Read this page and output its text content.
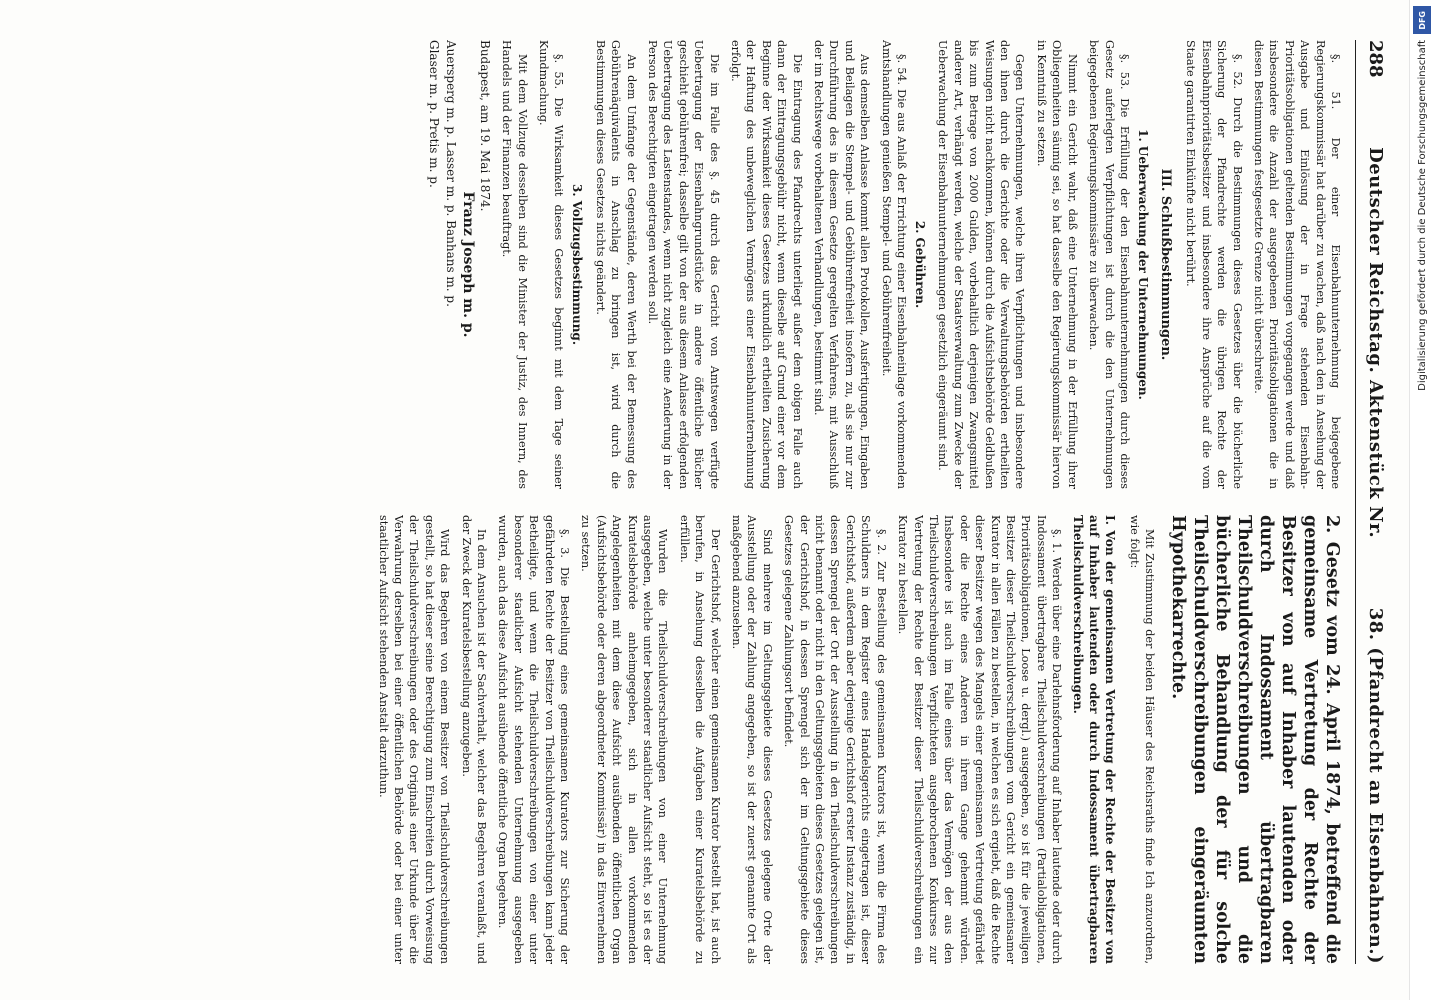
288
Deutscher Reichstag. Aktenstück Nr.
38. (Pfandrecht an Eisenbahnen.)

§. 51. Der einer Eisenbahnunternehmung beigegebene Regierungskommissär hat darüber zu wachen, daß nach den in Ansehung der Ausgabe und Einlösung der in Frage stehenden Eisenbahn-Prioritätsobligationen geltenden Bestimmungen vorgegangen werde und daß insbesondere die Anzahl der ausgegebenen Prioritätsobligationen die in diesen Bestimmungen festgesetzte Grenze nicht überschreite.

§. 52. Durch die Bestimmungen dieses Gesetzes über die bücherliche Sicherung der Pfandrechte werden die übrigen Rechte der Eisenbahnprioritätsbesitzer und insbesondere ihre Ansprüche auf die vom Staate garantirten Einkünfte nicht berührt.

III. Schlußbestimmungen.
1. Ueberwachung der Unternehmungen.

§. 53. Die Erfüllung der den Eisenbahnunternehmungen durch dieses Gesetz auferlegten Verpflichtungen ist durch die den Unternehmungen beigegebenen Regierungskommissäre zu überwachen.

Nimmt ein Gericht wahr, daß eine Unternehmung in der Erfüllung ihrer Obliegenheiten säumig sei, so hat dasselbe den Regierungskommissär hiervon in Kenntniß zu setzen.

Gegen Unternehmungen, welche ihren Verpflichtungen und insbesondere den ihnen durch die Gerichte oder die Verwaltungsbehörden ertheilten Weisungen nicht nachkommen, können durch die Aufsichtsbehörde Geldbußen bis zum Betrage von 2000 Gulden, vorbehaltlich derjenigen Zwangsmittel anderer Art, verhängt werden, welche der Staatsverwaltung zum Zwecke der Ueberwachung der Eisenbahnunternehmungen gesetzlich eingeräumt sind.

2. Gebühren.

§. 54. Die aus Anlaß der Errichtung einer Eisenbahneinlage vorkommenden Amtshandlungen genießen Stempel- und Gebührenfreiheit.

Aus demselben Anlasse kommt allen Protokollen, Ausfertigungen, Eingaben und Beilagen die Stempel- und Gebührenfreiheit insofern zu, als sie nur zur Durchführung des in diesem Gesetze geregelten Verfahrens, mit Ausschluß der im Rechtswege vorbehaltenen Verhandlungen, bestimmt sind.

Die Eintragung des Pfandrechts unterliegt außer dem obigen Falle auch dann der Eintragungsgebühr nicht, wenn dieselbe auf Grund einer vor dem Beginne der Wirksamkeit dieses Gesetzes urkundlich ertheilten Zusicherung der Haftung des unbeweglichen Vermögens einer Eisenbahnunternehmung erfolgt.

Die im Falle des §. 45 durch das Gericht von Amtswegen verfügte Uebertragung der Eisenbahngrundstücke in andere öffentliche Bücher geschieht gebührenfrei; dasselbe gilt von der aus diesem Anlasse erfolgenden Uebertragung des Lastenstandes, wenn nicht zugleich eine Aenderung in der Person des Berechtigten eingetragen werden soll.

An dem Umfange der Gegenstände, deren Werth bei der Bemessung des Gebührenäquivalents in Anschlag zu bringen ist, wird durch die Bestimmungen dieses Gesetzes nichts geändert.

3. Vollzugsbestimmung.

§. 55. Die Wirksamkeit dieses Gesetzes beginnt mit dem Tage seiner Kundmachung.

Mit dem Vollzuge desselben sind die Minister der Justiz, des Innern, des Handels und der Finanzen beauftragt.

Budapest, am 19. Mai 1874.
Franz Joseph m. p.
Auersperg m. p. Lasser m. p. Banhans m. p.
Glaser m. p. Pretis m. p.
2. Gesetz vom 24. April 1874, betreffend die gemeinsame Vertretung der Rechte der Besitzer von auf Inhaber lautenden oder durch Indossament übertragbaren Theilschuldverschreibungen und die bücherliche Behandlung der für solche Theilschuldverschreibungen eingeräumten Hypothekarrechte.

Mit Zustimmung der beiden Häuser des Reichsraths finde Ich anzuordnen, wie folgt:

I. Von der gemeinsamen Vertretung der Rechte der Besitzer von auf Inhaber lautenden oder durch Indossament übertragbaren Theilschuldverschreibungen.

§. 1. Werden über eine Darlehnsforderung auf Inhaber lautende oder durch Indossament übertragbare Theilschuldverschreibungen (Partialobligationen, Prioritätsobligationen, Loose u. dergl.) ausgegeben, so ist für die jeweiligen Besitzer dieser Theilschuldverschreibungen vom Gericht ein gemeinsamer Kurator in allen Fällen zu bestellen, in welchen es sich ergiebt, daß die Rechte dieser Besitzer wegen des Mangels einer gemeinsamen Vertretung gefährdet oder die Rechte eines Anderen in ihrem Gange gehemmt würden. Insbesondere ist auch im Falle eines über das Vermögen der aus den Theilschuldverschreibungen Verpflichteten ausgebrochenen Konkurses zur Vertretung der Rechte der Besitzer dieser Theilschuldverschreibungen ein Kurator zu bestellen.

§. 2. Zur Bestellung des gemeinsamen Kurators ist, wenn die Firma des Schuldners in dem Register eines Handelsgerichts eingetragen ist, dieser Gerichtshof, außerdem aber derjenige Gerichtshof erster Instanz zuständig, in dessen Sprengel der Ort der Ausstellung in den Theilschuldverschreibungen nicht benannt oder nicht in den Geltungsgebieten dieses Gesetzes gelegen ist, der Gerichtshof, in dessen Sprengel sich der im Geltungsgebiete dieses Gesetzes gelegene Zahlungsort befindet.

Sind mehrere im Geltungsgebiete dieses Gesetzes gelegene Orte der Ausstellung oder der Zahlung angegeben, so ist der zuerst genannte Ort als maßgebend anzusehen.

Der Gerichtshof, welcher einen gemeinsamen Kurator bestellt hat, ist auch berufen, in Ansehung desselben die Aufgaben einer Kuratelsbehörde zu erfüllen.

Wurden die Theilschuldverschreibungen von einer Unternehmung ausgegeben, welche unter besonderer staatlicher Aufsicht steht, so ist es der Kuratelsbehörde anheimgegeben, sich in allen vorkommenden Angelegenheiten mit dem diese Aufsicht ausübenden öffentlichen Organ (Aufsichtsbehörde oder deren abgeordneter Kommissär) in das Einvernehmen zu setzen.

§. 3. Die Bestellung eines gemeinsamen Kurators zur Sicherung der gefährdeten Rechte der Besitzer von Theilschuldverschreibungen kann jeder Betheiligte, und wenn die Theilschuldverschreibungen von einer unter besonderer staatlicher Aufsicht stehenden Unternehmung ausgegeben wurden, auch das diese Aufsicht ausübende öffentliche Organ begehren.

In dem Ansuchen ist der Sachverhalt, welcher das Begehren veranlaßt, und der Zweck der Kuratelsbestellung anzugeben.

Wird das Begehren von einem Besitzer von Theilschuldverschreibungen gestellt, so hat dieser seine Berechtigung zum Einschreiten durch Vorweisung der Theilschuldverschreibungen oder des Originals einer Urkunde über die Verwahrung derselben bei einer öffentlichen Behörde oder bei einer unter staatlicher Aufsicht stehenden Anstalt darzuthun.

DFG
Digitalisierung gefördert durch die Deutsche Forschungsgemeinschaft
